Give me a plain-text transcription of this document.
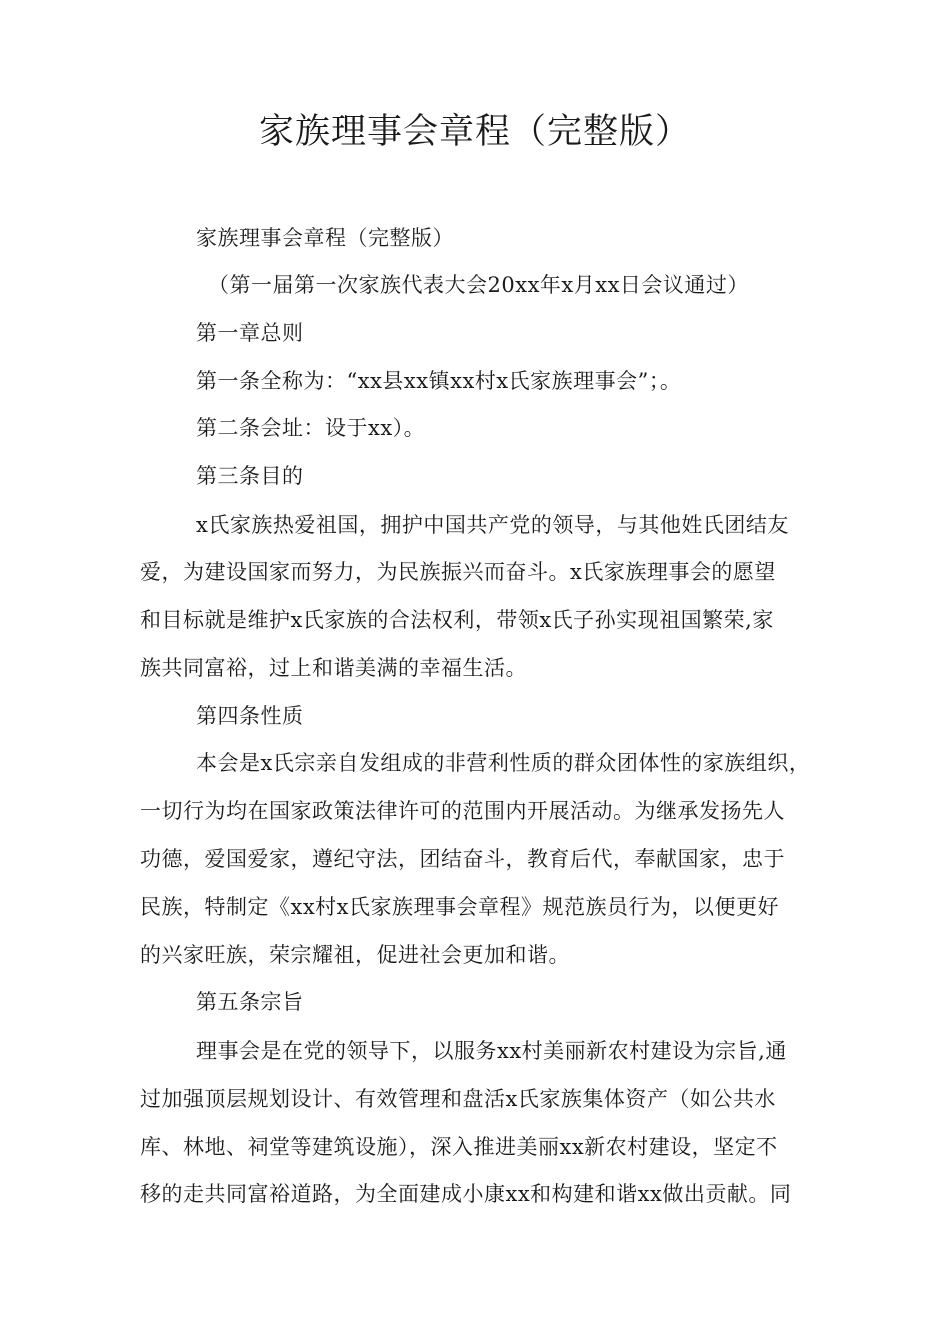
家族理事会章程（完整版）
家族理事会章程（完整版）
（第一届第一次家族代表大会20xx年x月xx日会议通过）
第一章总则
第一条全称为：“xx县xx镇xx村x氏家族理事会”；。
第二条会址：设于xx）。
第三条目的
x氏家族热爱祖国，拥护中国共产党的领导，与其他姓氏团结友
爱，为建设国家而努力，为民族振兴而奋斗。x氏家族理事会的愿望
和目标就是维护x氏家族的合法权利，带领x氏子孙实现祖国繁荣,家
族共同富裕，过上和谐美满的幸福生活。
第四条性质
本会是x氏宗亲自发组成的非营利性质的群众团体性的家族组织，
一切行为均在国家政策法律许可的范围内开展活动。为继承发扬先人
功德，爱国爱家，遵纪守法，团结奋斗，教育后代，奉献国家，忠于
民族，特制定《xx村x氏家族理事会章程》规范族员行为，以便更好
的兴家旺族，荣宗耀祖，促进社会更加和谐。
第五条宗旨
理事会是在党的领导下，以服务xx村美丽新农村建设为宗旨,通
过加强顶层规划设计、有效管理和盘活x氏家族集体资产（如公共水
库、林地、祠堂等建筑设施），深入推进美丽xx新农村建设，坚定不
移的走共同富裕道路，为全面建成小康xx和构建和谐xx做出贡献。同
